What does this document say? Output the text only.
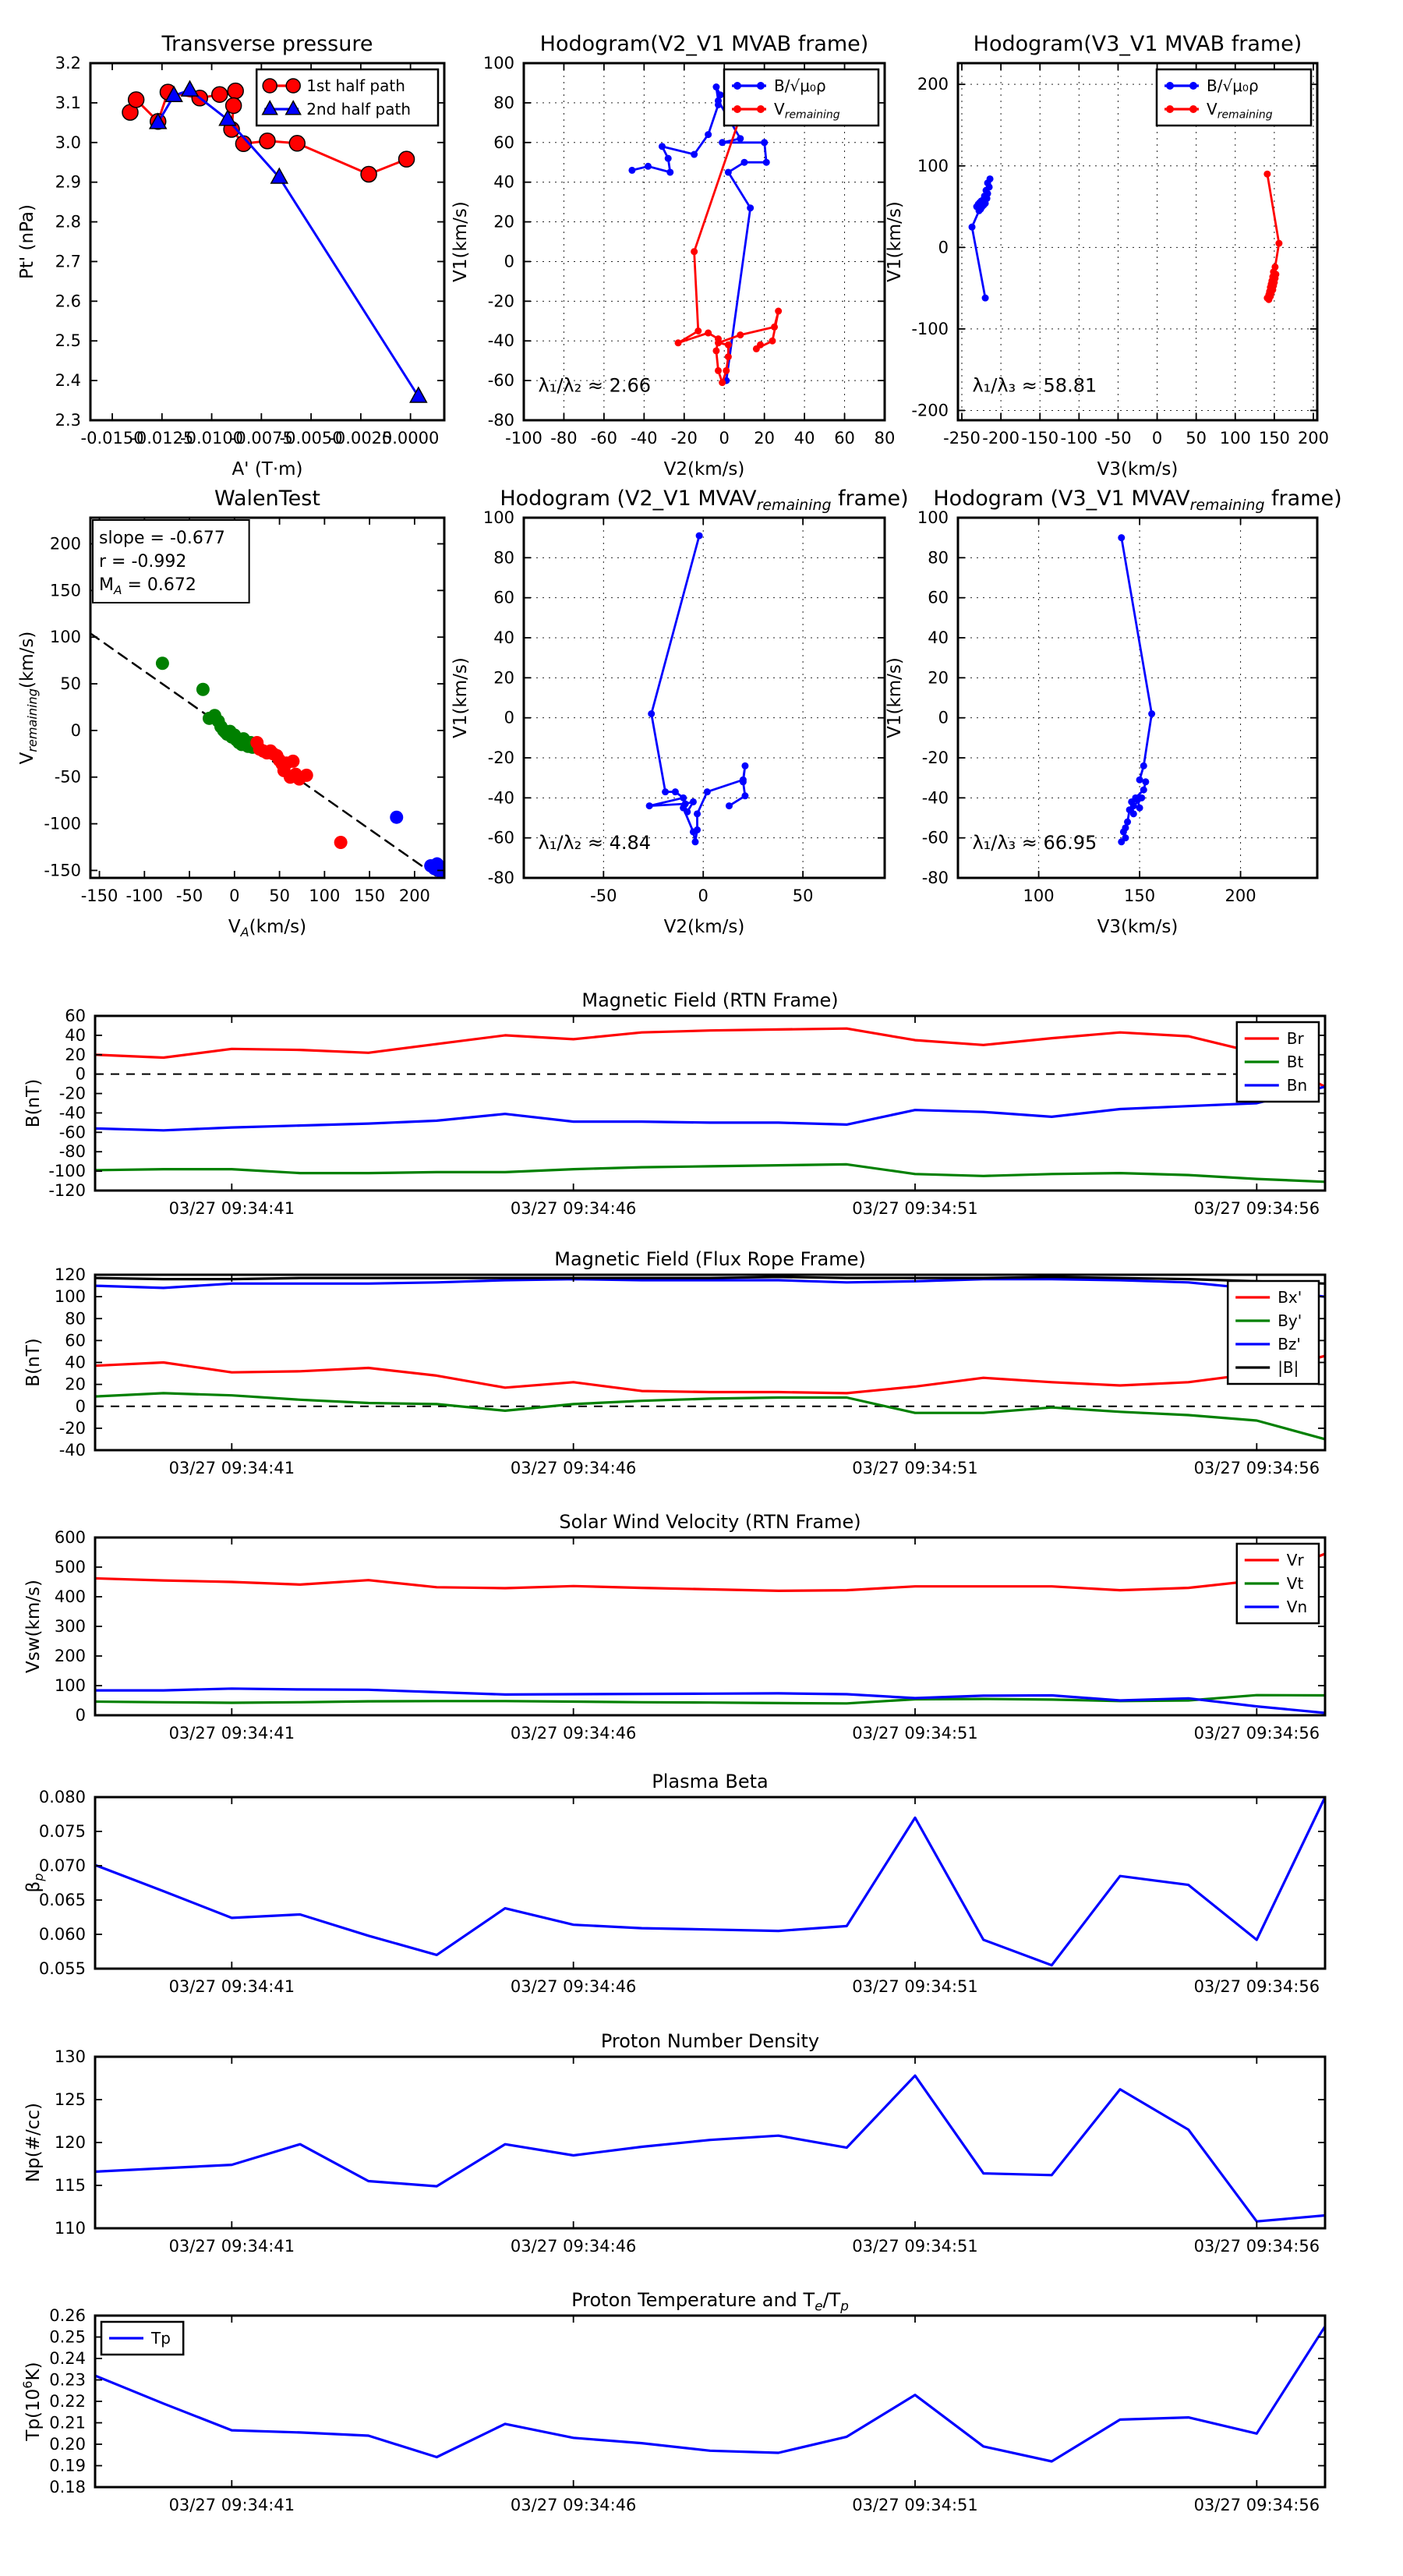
-0.0150
-0.0125
-0.0100
-0.0075
-0.0050
-0.0025
0.0000
2.3
2.4
2.5
2.6
2.7
2.8
2.9
3.0
3.1
3.2
Transverse pressure
A' (T·m)
Pt' (nPa)
1st half path
2nd half path
-100 -80 -60 -40 -20 0 20 40 60 80
-80
-60
-40
-20
0
20
40
60
80
100
Hodogram(V2_V1 MVAB frame)
V2(km/s)
V1(km/s)
λ₁/λ₂ ≈ 2.66
B/√μ₀ρ
$V_{remaining}$
-250 -200 -150 -100 -50 0 50 100 150 200
-200
-100
0
100
200
Hodogram(V3_V1 MVAB frame)
V3(km/s)
V1(km/s)
λ₁/λ₃ ≈ 58.81
B/√μ₀ρ
$V_{remaining}$
-150 -100 -50 0 50 100 150 200
-150
-100
-50
0
50
100
150
200
WalenTest
$V_A(km/s)$
$V_{remaining}(km/s)$
slope = -0.677
r = -0.992
$M_A = 0.672$
-50	0	50
-80
-60
-40
-20
0
20
40
60
80
100
Hodogram (V2_V1 $MVAV_{remaining}$ frame)
V2(km/s)
V1(km/s)
λ₁/λ₂ ≈ 4.84
100	150	200
-80
-60
-40
-20
0
20
40
60
80
100
Hodogram (V3_V1 $MVAV_{remaining}$ frame)
V3(km/s)
V1(km/s)
λ₁/λ₃ ≈ 66.95
03/27 09:34:41	03/27 09:34:46	03/27 09:34:51	03/27 09:34:56
-120
-100
-80
-60
-40
-20
0
20
40
60
Magnetic Field (RTN Frame)
B(nT)
Br
Bt
Bn
03/27 09:34:41	03/27 09:34:46	03/27 09:34:51	03/27 09:34:56
-40
-20
0
20
40
60
80
100
120
Magnetic Field (Flux Rope Frame)
B(nT)
Bx'
By'
Bz'
|B|
03/27 09:34:41	03/27 09:34:46	03/27 09:34:51	03/27 09:34:56
0
100
200
300
400
500
600
Solar Wind Velocity (RTN Frame)
Vsw(km/s)
Vr
Vt
Vn
03/27 09:34:41	03/27 09:34:46	03/27 09:34:51	03/27 09:34:56
0.055
0.060
0.065
0.070
0.075
0.080
Plasma Beta
$\beta_p$
03/27 09:34:41	03/27 09:34:46	03/27 09:34:51	03/27 09:34:56
110
115
120
125
130
Proton Number Density
Np(#/cc)
03/27 09:34:41	03/27 09:34:46	03/27 09:34:51	03/27 09:34:56
0.18
0.19
0.20
0.21
0.22
0.23
0.24
0.25
0.26
Proton Temperature and $T_e/T_p$
$Tp(10^6K)$
Tp
